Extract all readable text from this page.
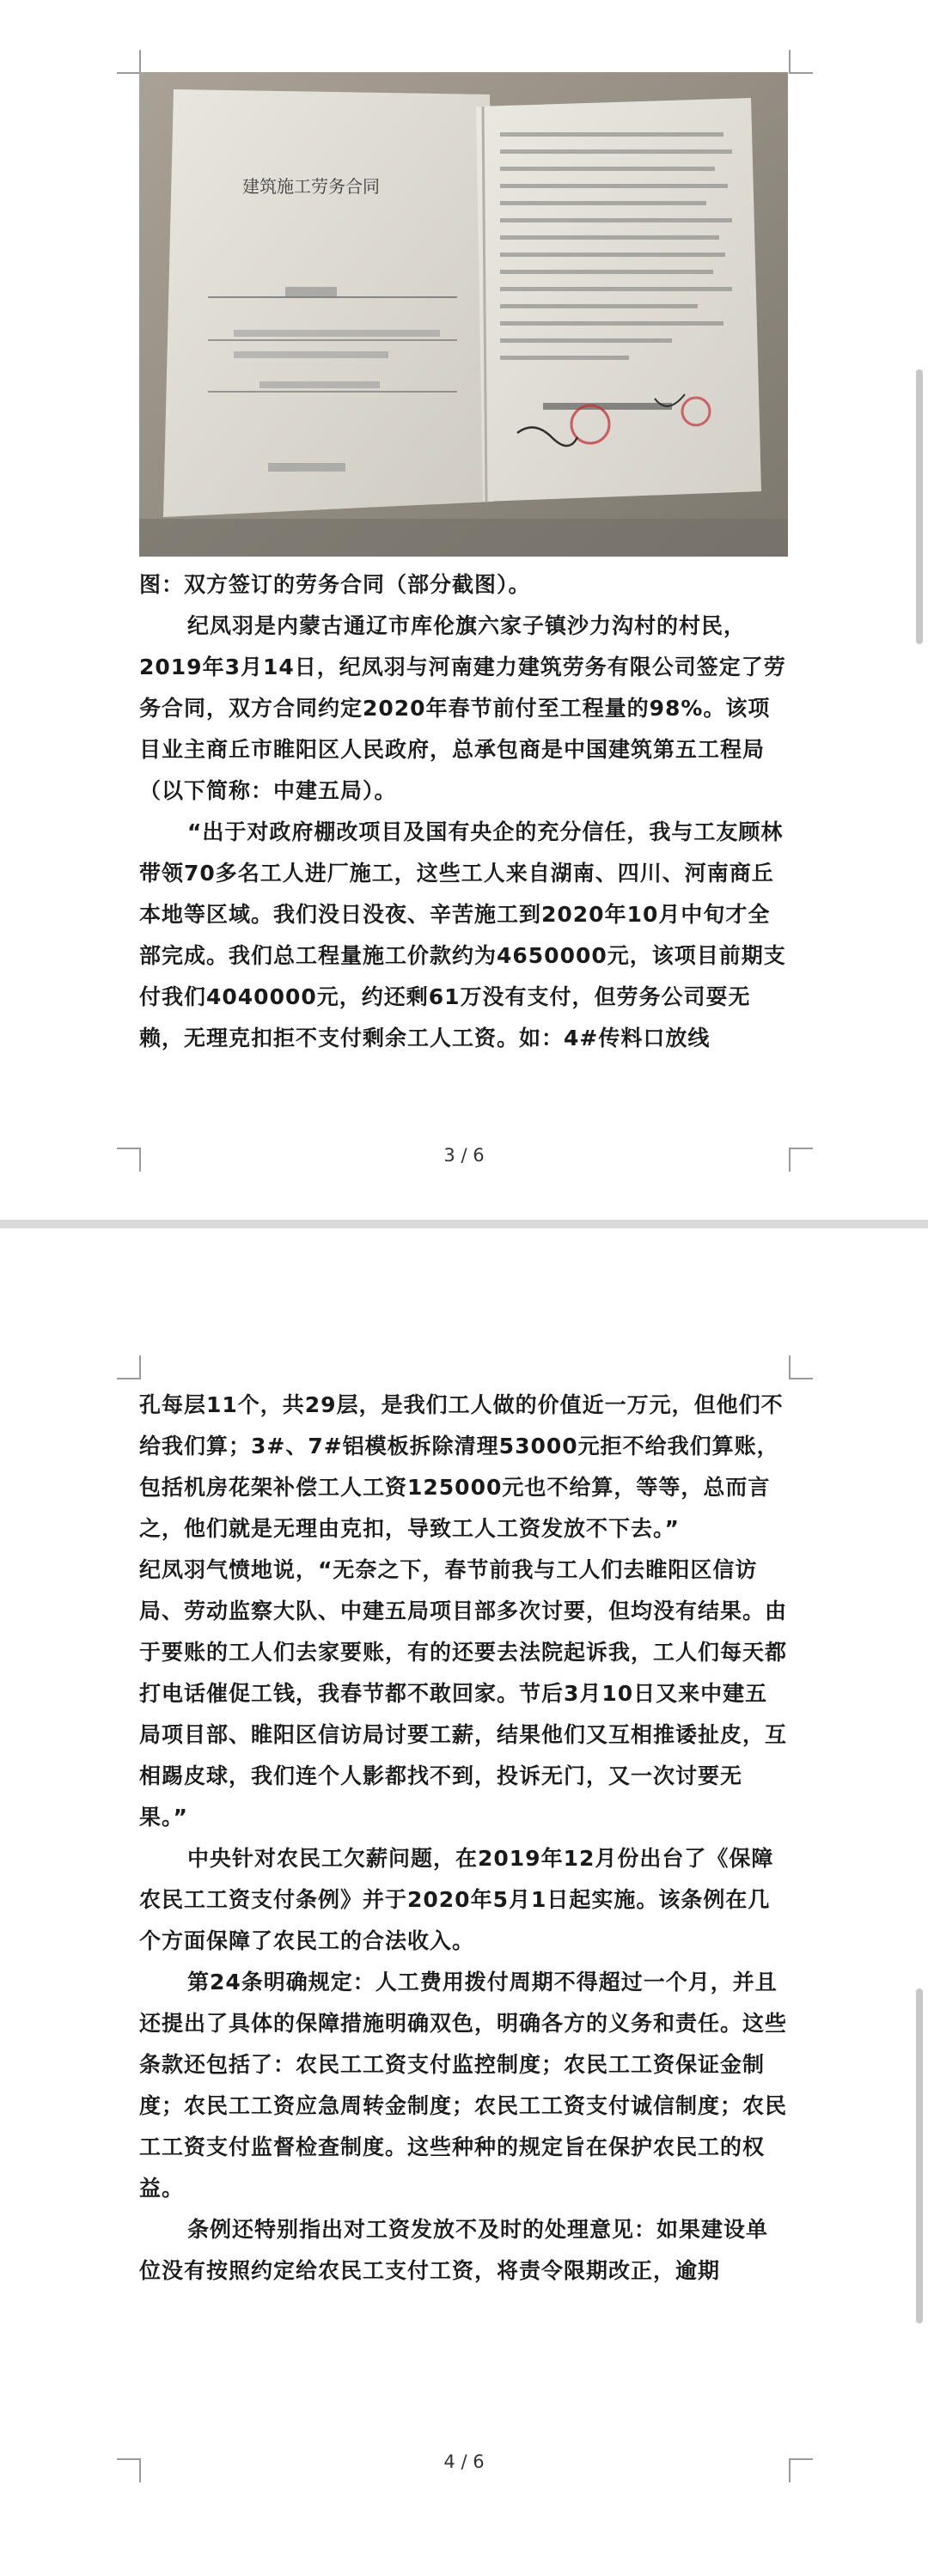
建筑施工劳务合同

图：双方签订的劳务合同（部分截图）。

纪凤羽是内蒙古通辽市库伦旗六家子镇沙力沟村的村民，2019年3月14日，纪凤羽与河南建力建筑劳务有限公司签定了劳务合同，双方合同约定2020年春节前付至工程量的98%。该项目业主商丘市睢阳区人民政府，总承包商是中国建筑第五工程局（以下简称：中建五局）。

“出于对政府棚改项目及国有央企的充分信任，我与工友顾林带领70多名工人进厂施工，这些工人来自湖南、四川、河南商丘本地等区域。我们没日没夜、辛苦施工到2020年10月中旬才全部完成。我们总工程量施工价款约为4650000元，该项目前期支付我们4040000元，约还剩61万没有支付，但劳务公司耍无赖，无理克扣拒不支付剩余工人工资。如：4#传料口放线

3 / 6

孔每层11个，共29层，是我们工人做的价值近一万元，但他们不给我们算；3#、7#铝模板拆除清理53000元拒不给我们算账，包括机房花架补偿工人工资125000元也不给算，等等，总而言之，他们就是无理由克扣，导致工人工资发放不下去。”

纪凤羽气愤地说，“无奈之下，春节前我与工人们去睢阳区信访局、劳动监察大队、中建五局项目部多次讨要，但均没有结果。由于要账的工人们去家要账，有的还要去法院起诉我，工人们每天都打电话催促工钱，我春节都不敢回家。节后3月10日又来中建五局项目部、睢阳区信访局讨要工薪，结果他们又互相推诿扯皮，互相踢皮球，我们连个人影都找不到，投诉无门，又一次讨要无果。”

中央针对农民工欠薪问题，在2019年12月份出台了《保障农民工工资支付条例》并于2020年5月1日起实施。该条例在几个方面保障了农民工的合法收入。

第24条明确规定：人工费用拨付周期不得超过一个月，并且还提出了具体的保障措施明确双色，明确各方的义务和责任。这些条款还包括了：农民工工资支付监控制度；农民工工资保证金制度；农民工工资应急周转金制度；农民工工资支付诚信制度；农民工工资支付监督检查制度。这些种种的规定旨在保护农民工的权益。

条例还特别指出对工资发放不及时的处理意见：如果建设单位没有按照约定给农民工支付工资，将责令限期改正，逾期

4 / 6
